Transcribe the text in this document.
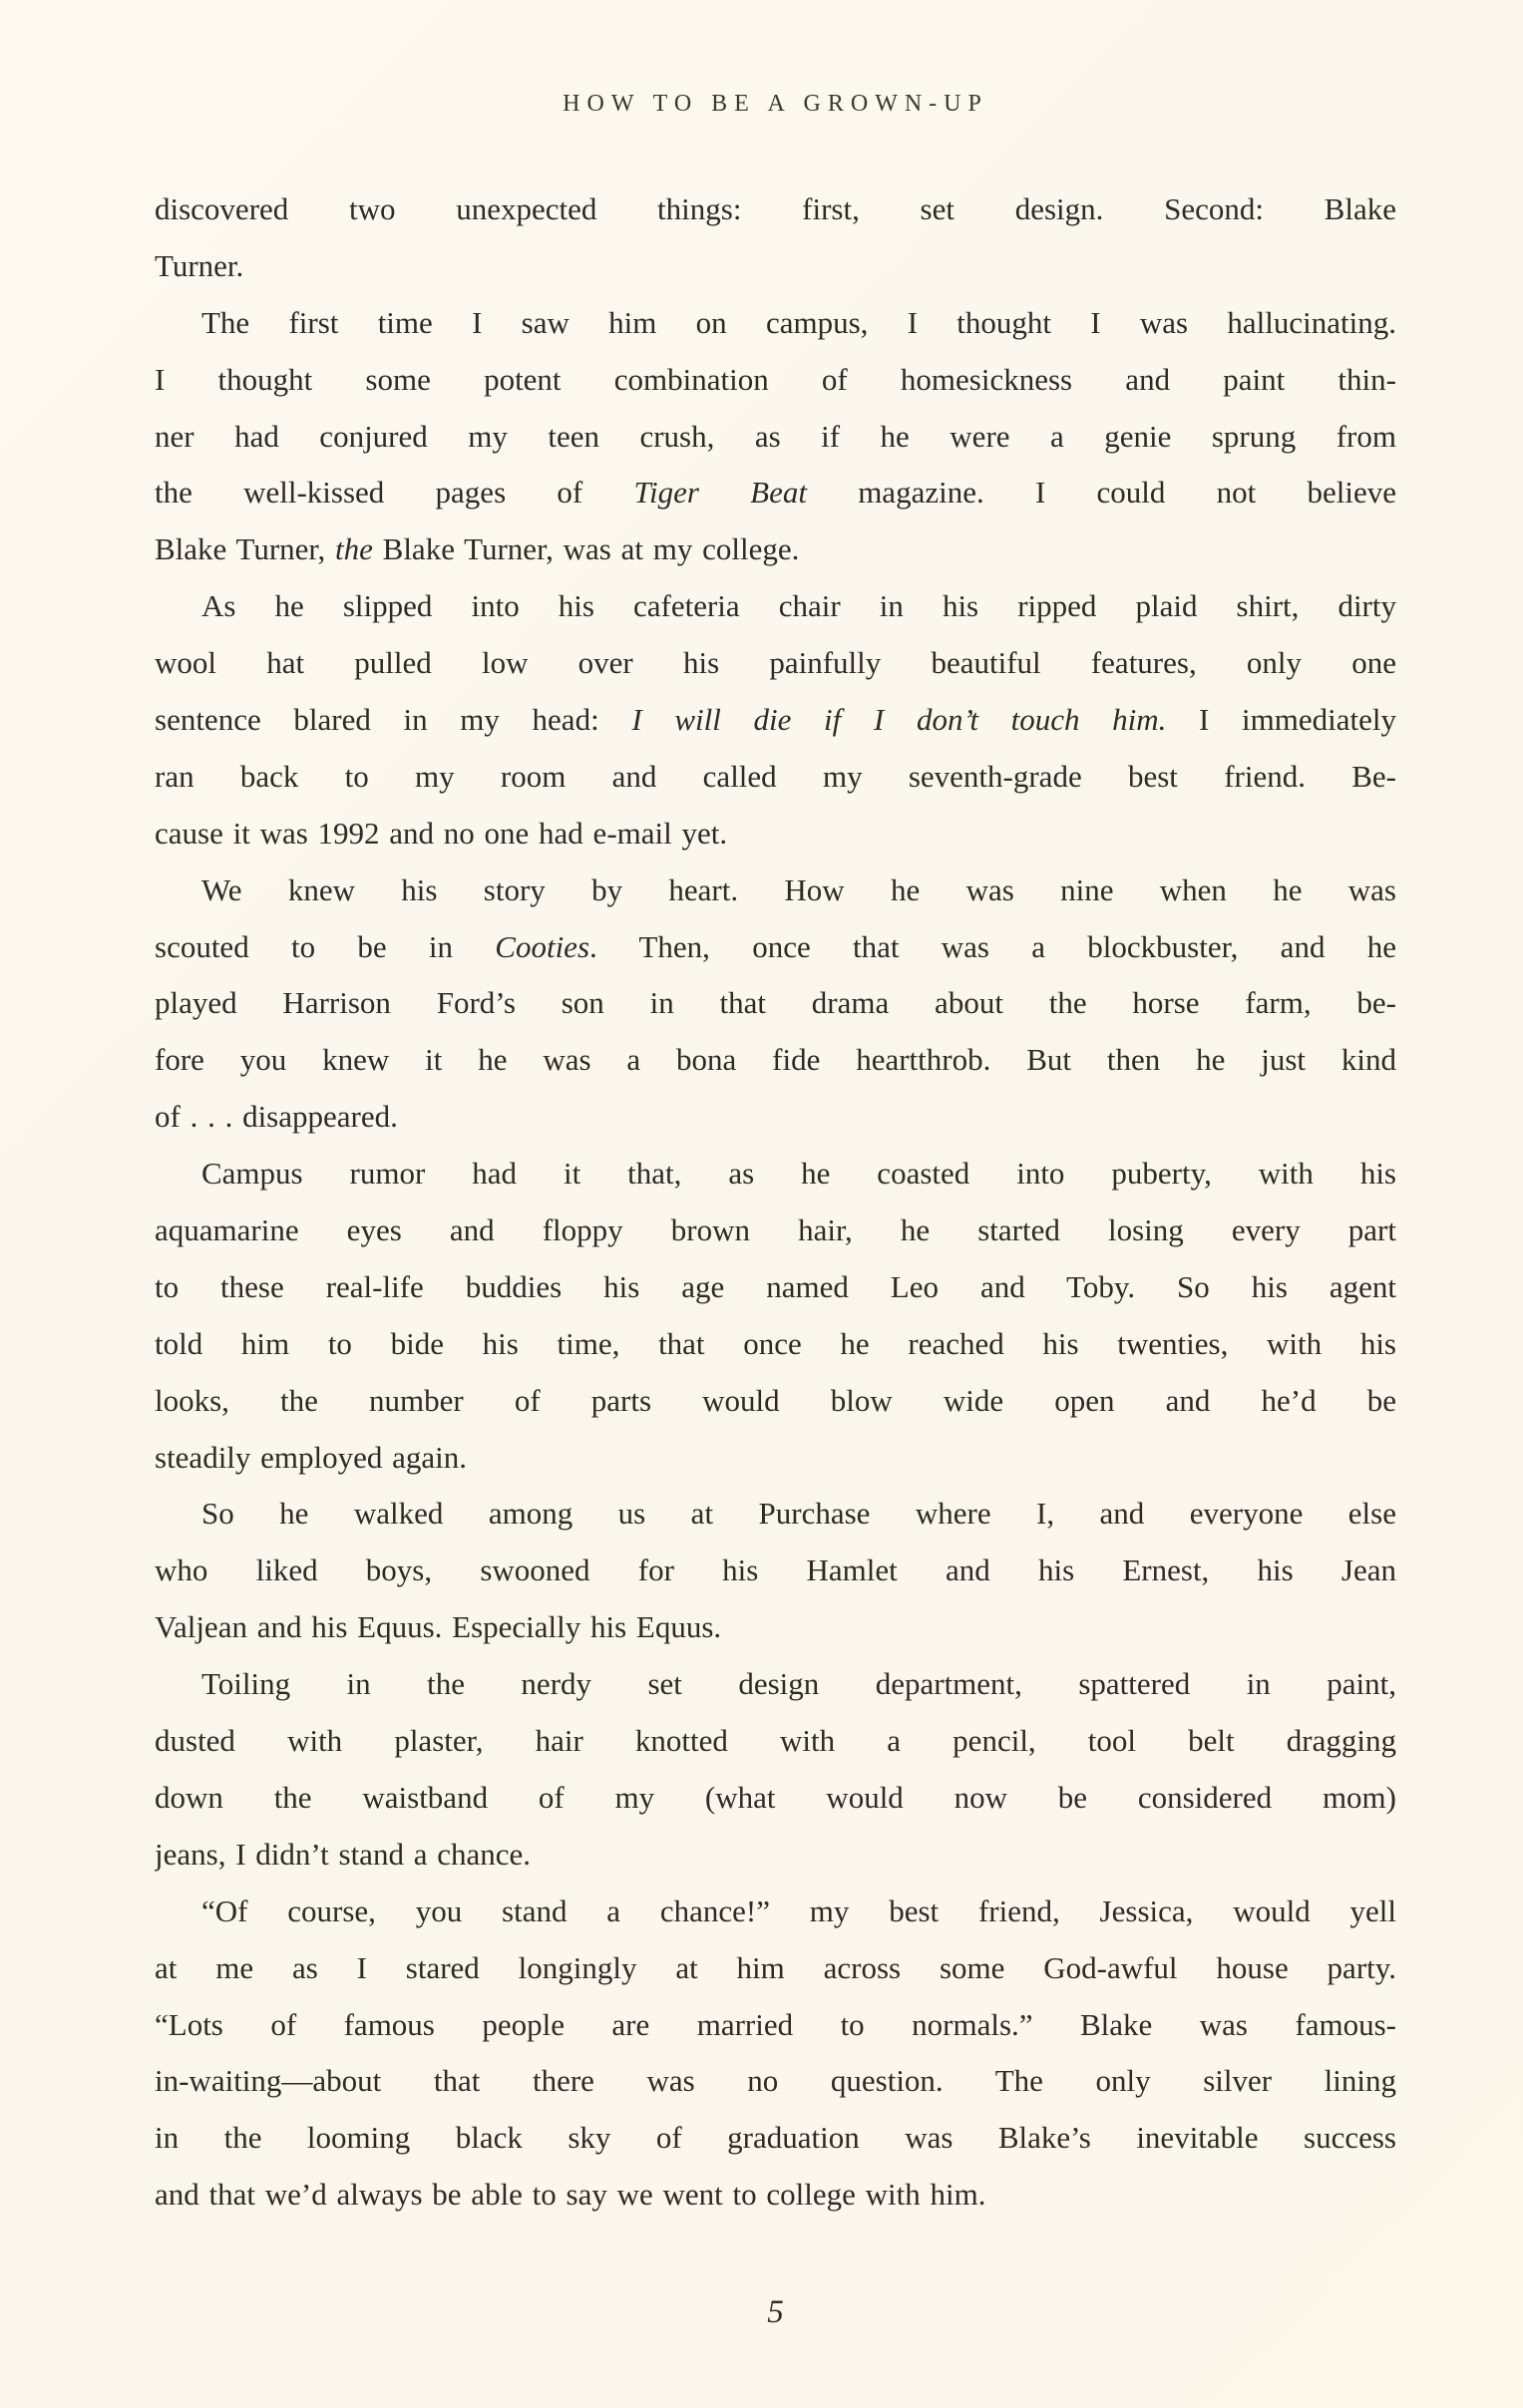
HOW TO BE A GROWN-UP
discovered two unexpected things: first, set design. Second: Blake
Turner.
The first time I saw him on campus, I thought I was hallucinating.
I thought some potent combination of homesickness and paint thin-
ner had conjured my teen crush, as if he were a genie sprung from
the well-kissed pages of Tiger Beat magazine. I could not believe
Blake Turner, the Blake Turner, was at my college.
As he slipped into his cafeteria chair in his ripped plaid shirt, dirty
wool hat pulled low over his painfully beautiful features, only one
sentence blared in my head: I will die if I don’t touch him. I immediately
ran back to my room and called my seventh-grade best friend. Be-
cause it was 1992 and no one had e-mail yet.
We knew his story by heart. How he was nine when he was
scouted to be in Cooties. Then, once that was a blockbuster, and he
played Harrison Ford’s son in that drama about the horse farm, be-
fore you knew it he was a bona fide heartthrob. But then he just kind
of . . . disappeared.
Campus rumor had it that, as he coasted into puberty, with his
aquamarine eyes and floppy brown hair, he started losing every part
to these real-life buddies his age named Leo and Toby. So his agent
told him to bide his time, that once he reached his twenties, with his
looks, the number of parts would blow wide open and he’d be
steadily employed again.
So he walked among us at Purchase where I, and everyone else
who liked boys, swooned for his Hamlet and his Ernest, his Jean
Valjean and his Equus. Especially his Equus.
Toiling in the nerdy set design department, spattered in paint,
dusted with plaster, hair knotted with a pencil, tool belt dragging
down the waistband of my (what would now be considered mom)
jeans, I didn’t stand a chance.
“Of course, you stand a chance!” my best friend, Jessica, would yell
at me as I stared longingly at him across some God-awful house party.
“Lots of famous people are married to normals.” Blake was famous-
in-waiting—about that there was no question. The only silver lining
in the looming black sky of graduation was Blake’s inevitable success
and that we’d always be able to say we went to college with him.
5
